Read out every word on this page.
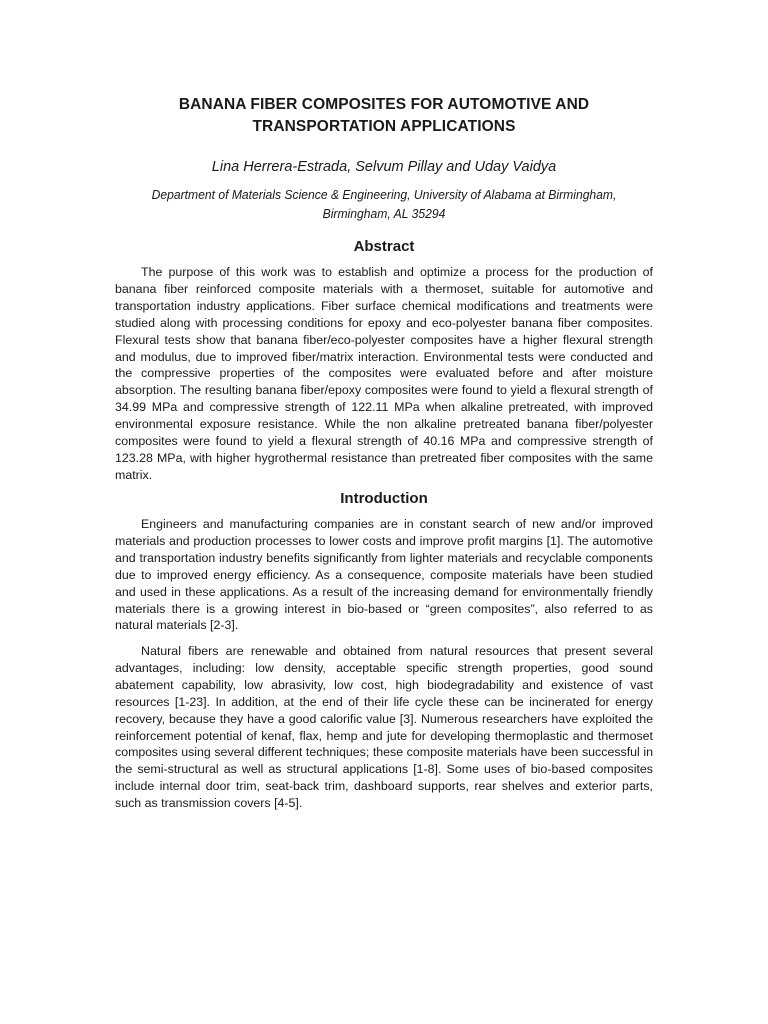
BANANA FIBER COMPOSITES FOR AUTOMOTIVE AND
TRANSPORTATION APPLICATIONS

Lina Herrera-Estrada, Selvum Pillay and Uday Vaidya

Department of Materials Science & Engineering, University of Alabama at Birmingham,
Birmingham, AL 35294

Abstract

The purpose of this work was to establish and optimize a process for the production of banana fiber reinforced composite materials with a thermoset, suitable for automotive and transportation industry applications. Fiber surface chemical modifications and treatments were studied along with processing conditions for epoxy and eco-polyester banana fiber composites. Flexural tests show that banana fiber/eco-polyester composites have a higher flexural strength and modulus, due to improved fiber/matrix interaction. Environmental tests were conducted and the compressive properties of the composites were evaluated before and after moisture absorption. The resulting banana fiber/epoxy composites were found to yield a flexural strength of 34.99 MPa and compressive strength of 122.11 MPa when alkaline pretreated, with improved environmental exposure resistance. While the non alkaline pretreated banana fiber/polyester composites were found to yield a flexural strength of 40.16 MPa and compressive strength of 123.28 MPa, with higher hygrothermal resistance than pretreated fiber composites with the same matrix.

Introduction

Engineers and manufacturing companies are in constant search of new and/or improved materials and production processes to lower costs and improve profit margins [1]. The automotive and transportation industry benefits significantly from lighter materials and recyclable components due to improved energy efficiency. As a consequence, composite materials have been studied and used in these applications. As a result of the increasing demand for environmentally friendly materials there is a growing interest in bio-based or “green composites”, also referred to as natural materials [2-3].

Natural fibers are renewable and obtained from natural resources that present several advantages, including: low density, acceptable specific strength properties, good sound abatement capability, low abrasivity, low cost, high biodegradability and existence of vast resources [1-23]. In addition, at the end of their life cycle these can be incinerated for energy recovery, because they have a good calorific value [3]. Numerous researchers have exploited the reinforcement potential of kenaf, flax, hemp and jute for developing thermoplastic and thermoset composites using several different techniques; these composite materials have been successful in the semi-structural as well as structural applications [1-8]. Some uses of bio-based composites include internal door trim, seat-back trim, dashboard supports, rear shelves and exterior parts, such as transmission covers [4-5].
